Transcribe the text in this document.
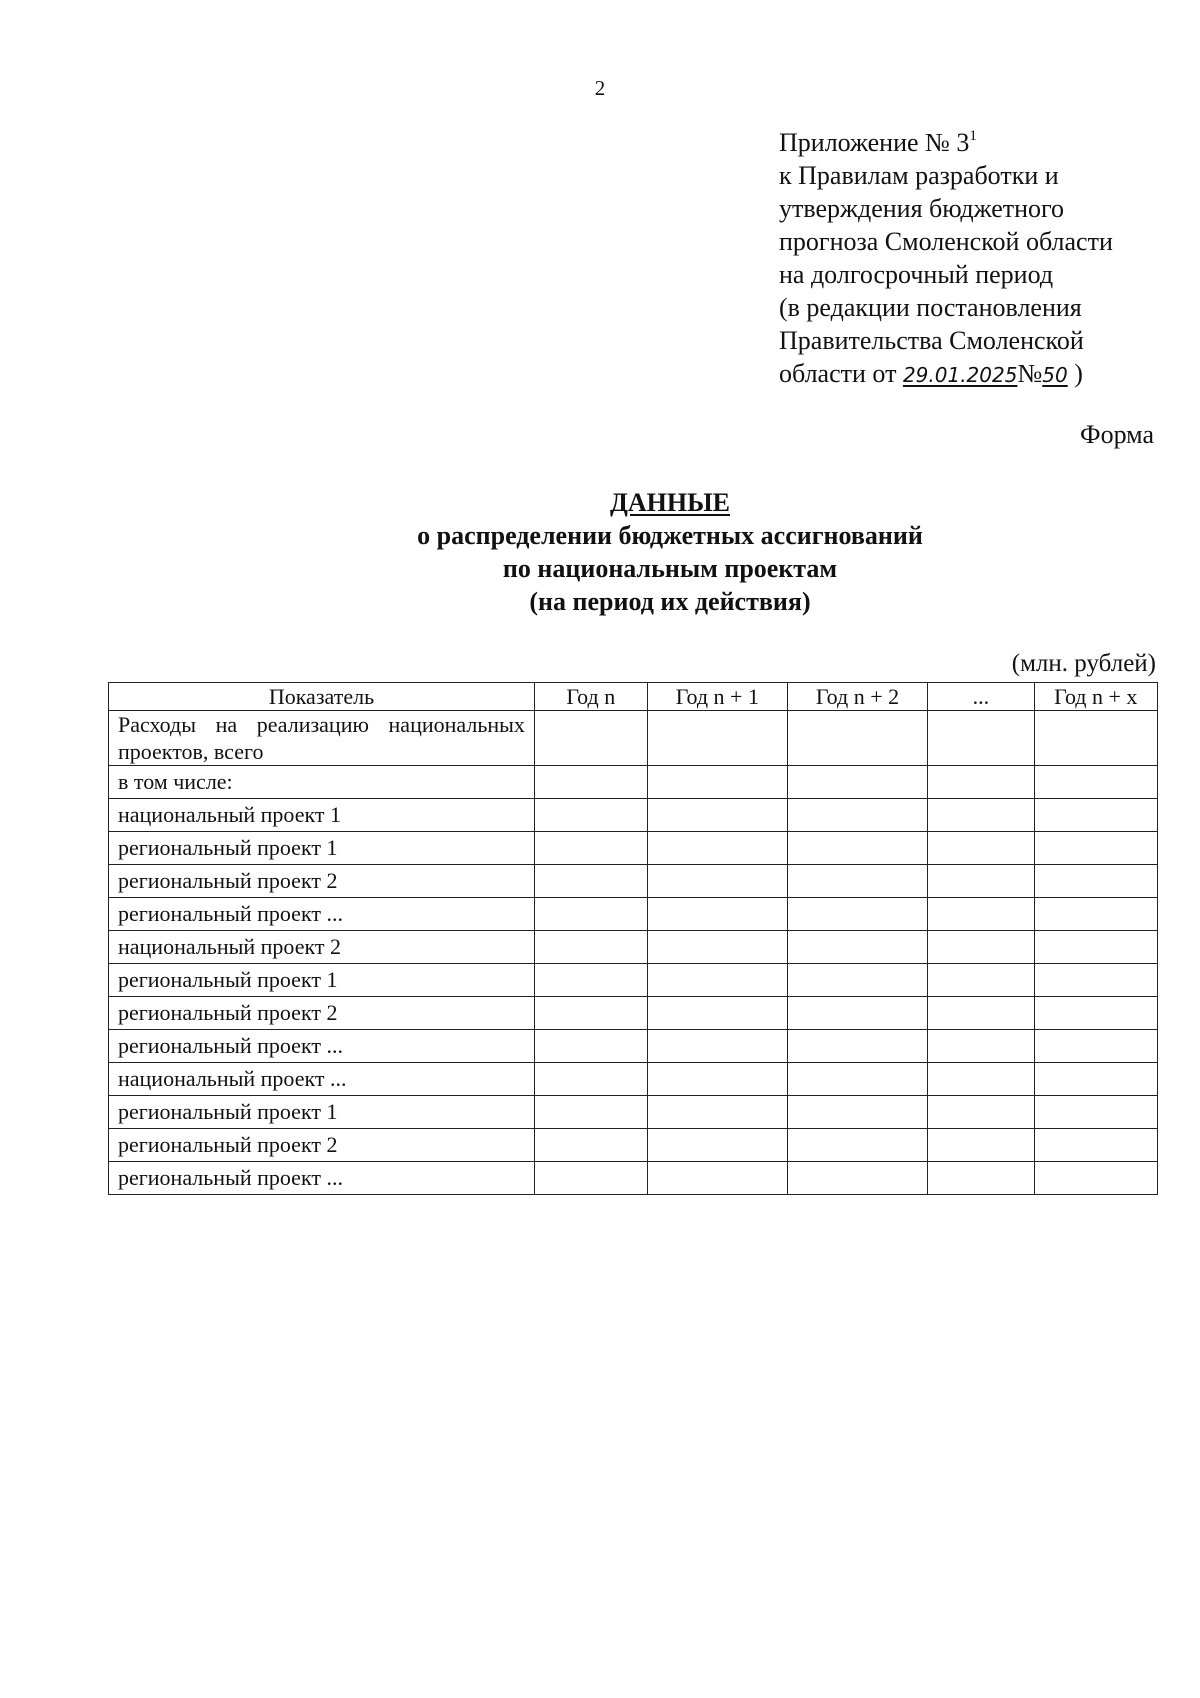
2
Приложение № $3^1$
к Правилам разработки и
утверждения бюджетного
прогноза Смоленской области
на долгосрочный период
(в редакции постановления
Правительства Смоленской
области от 29.01.2025№50 )
Форма
ДАННЫЕ
о распределении бюджетных ассигнований
по национальным проектам
(на период их действия)
(млн. рублей)
Показатель	Год n	Год n + 1	Год n + 2	...	Год n + x
Расходы на реализацию национальных проектов, всего					
в том числе:					
национальный проект 1					
региональный проект 1					
региональный проект 2					
региональный проект ...					
национальный проект 2					
региональный проект 1					
региональный проект 2					
региональный проект ...					
национальный проект ...					
региональный проект 1					
региональный проект 2					
региональный проект ...					
